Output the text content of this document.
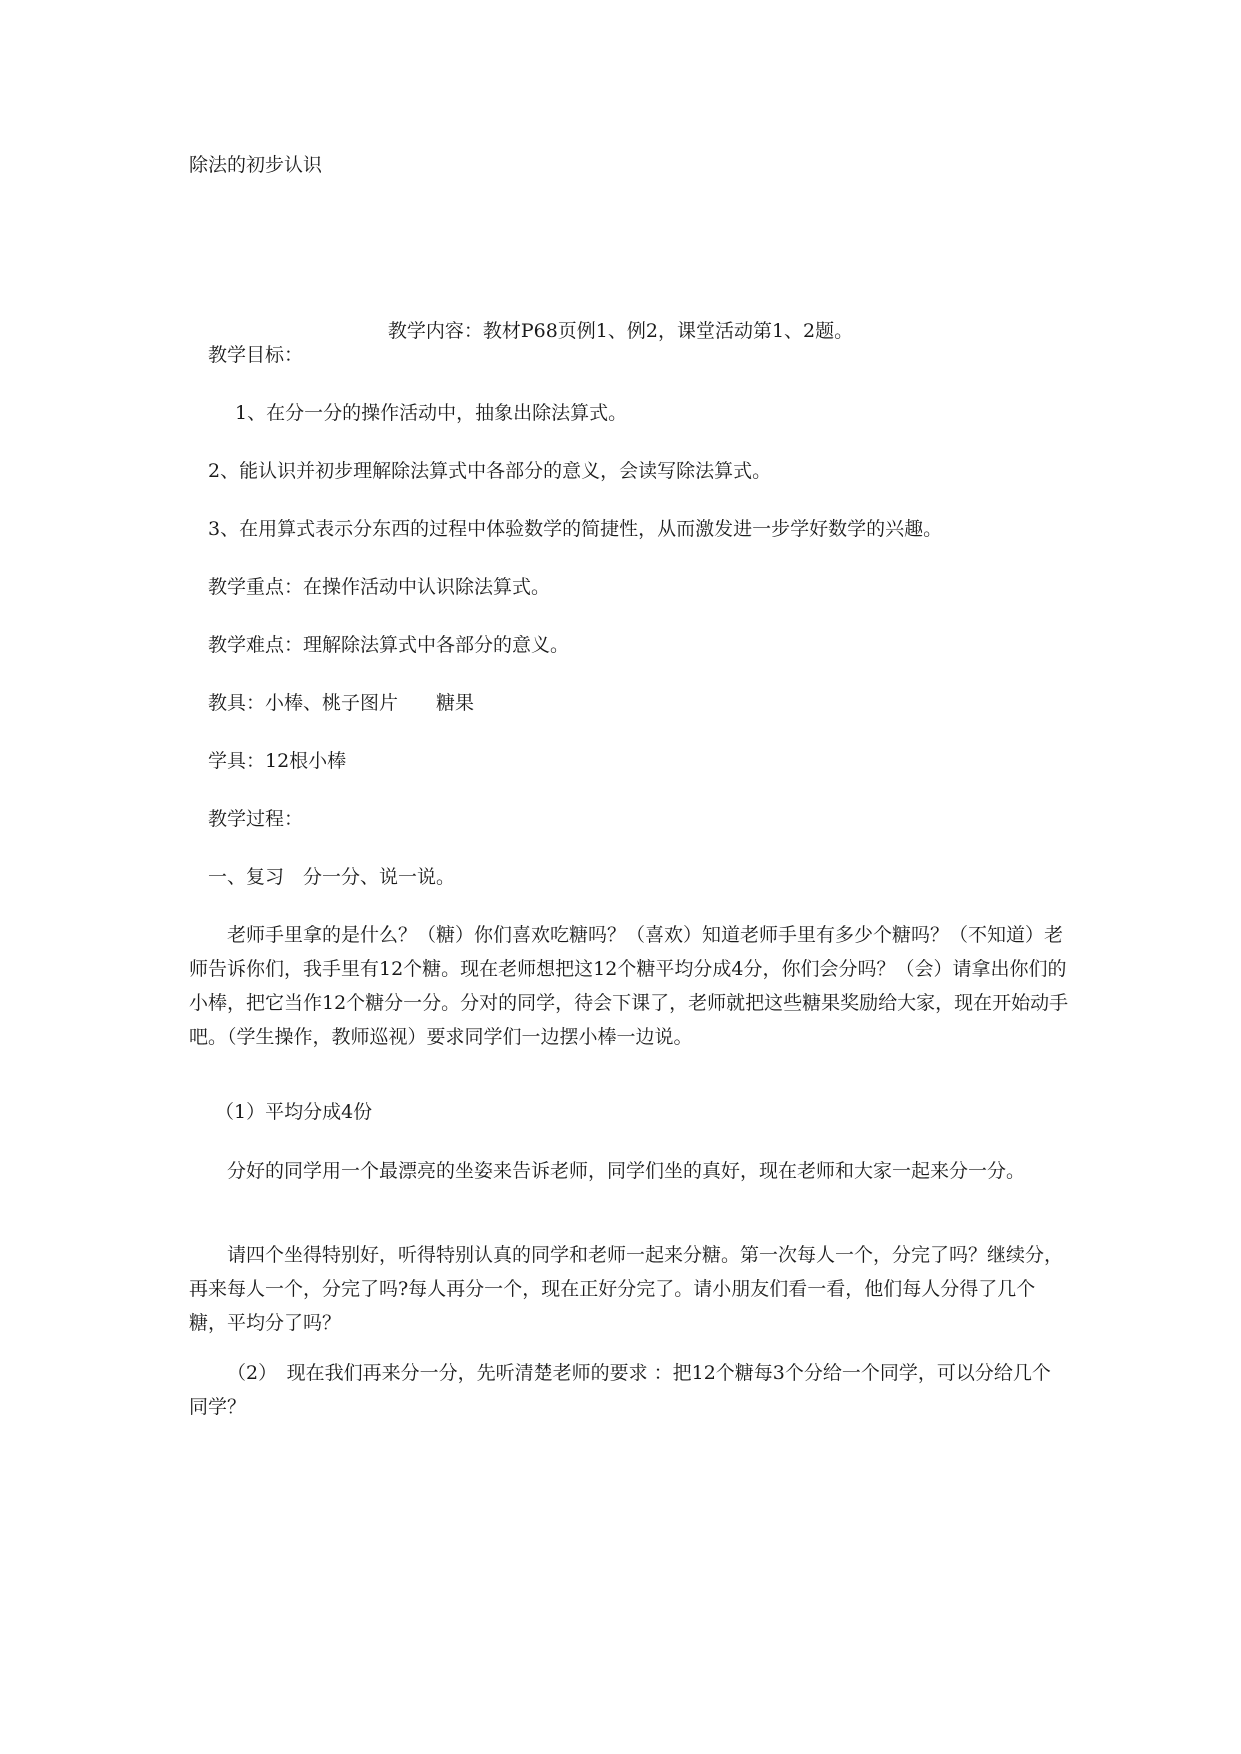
除法的初步认识
教学内容：教材P68页例1、例2，课堂活动第1、2题。
教学目标：
1、在分一分的操作活动中，抽象出除法算式。
2、能认识并初步理解除法算式中各部分的意义，会读写除法算式。
3、在用算式表示分东西的过程中体验数学的简捷性，从而激发进一步学好数学的兴趣。
教学重点：在操作活动中认识除法算式。
教学难点：理解除法算式中各部分的意义。
教具：小棒、桃子图片　　糖果
学具：12根小棒
教学过程：
一、复习　分一分、说一说。
老师手里拿的是什么？（糖）你们喜欢吃糖吗？（喜欢）知道老师手里有多少个糖吗？（不知道）老师告诉你们，我手里有12个糖。现在老师想把这12个糖平均分成4分，你们会分吗？（会）请拿出你们的小棒，把它当作12个糖分一分。分对的同学，待会下课了，老师就把这些糖果奖励给大家，现在开始动手吧。（学生操作，教师巡视）要求同学们一边摆小棒一边说。
（1）平均分成4份
分好的同学用一个最漂亮的坐姿来告诉老师，同学们坐的真好，现在老师和大家一起来分一分。
请四个坐得特别好，听得特别认真的同学和老师一起来分糖。第一次每人一个，分完了吗？继续分，再来每人一个，分完了吗?每人再分一个，现在正好分完了。请小朋友们看一看，他们每人分得了几个糖，平均分了吗？
（2）　现在我们再来分一分，先听清楚老师的要求 ：把12个糖每3个分给一个同学，可以分给几个同学？
